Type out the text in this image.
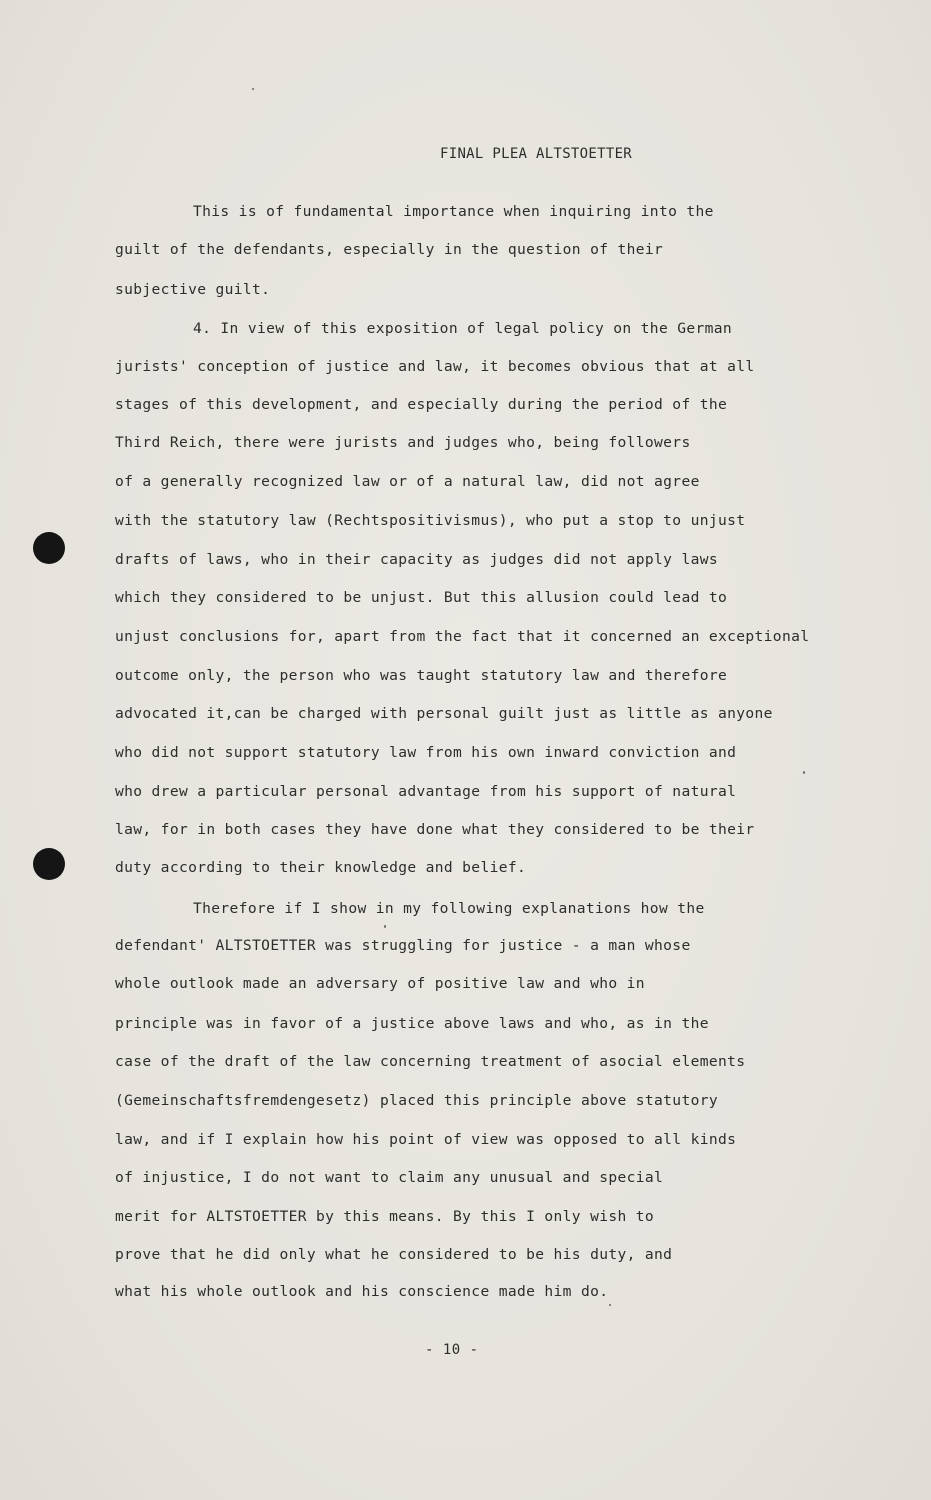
FINAL PLEA ALTSTOETTER
This is of fundamental importance when inquiring into the
guilt of the defendants, especially in the question of their
subjective guilt.
4. In view of this exposition of legal policy on the German
jurists' conception of justice and law, it becomes obvious that at all
stages of this development, and especially during the period of the
Third Reich, there were jurists and judges who, being followers
of a generally recognized law or of a natural law, did not agree
with the statutory law (Rechtspositivismus), who put a stop to unjust
drafts of laws, who in their capacity as judges did not apply laws
which they considered to be unjust. But this allusion could lead to
unjust conclusions for, apart from the fact that it concerned an exceptional
outcome only, the person who was taught statutory law and therefore
advocated it,can be charged with personal guilt just as little as anyone
who did not support statutory law from his own inward conviction and
who drew a particular personal advantage from his support of natural
law, for in both cases they have done what they considered to be their
duty according to their knowledge and belief.
Therefore if I show in my following explanations how the
defendant' ALTSTOETTER was struggling for justice - a man whose
whole outlook made an adversary of positive law and who in
principle was in favor of a justice above laws and who, as in the
case of the draft of the law concerning treatment of asocial elements
(Gemeinschaftsfremdengesetz) placed this principle above statutory
law, and if I explain how his point of view was opposed to all kinds
of injustice, I do not want to claim any unusual and special
merit for ALTSTOETTER by this means. By this I only wish to
prove that he did only what he considered to be his duty, and
what his whole outlook and his conscience made him do.
- 10 -
